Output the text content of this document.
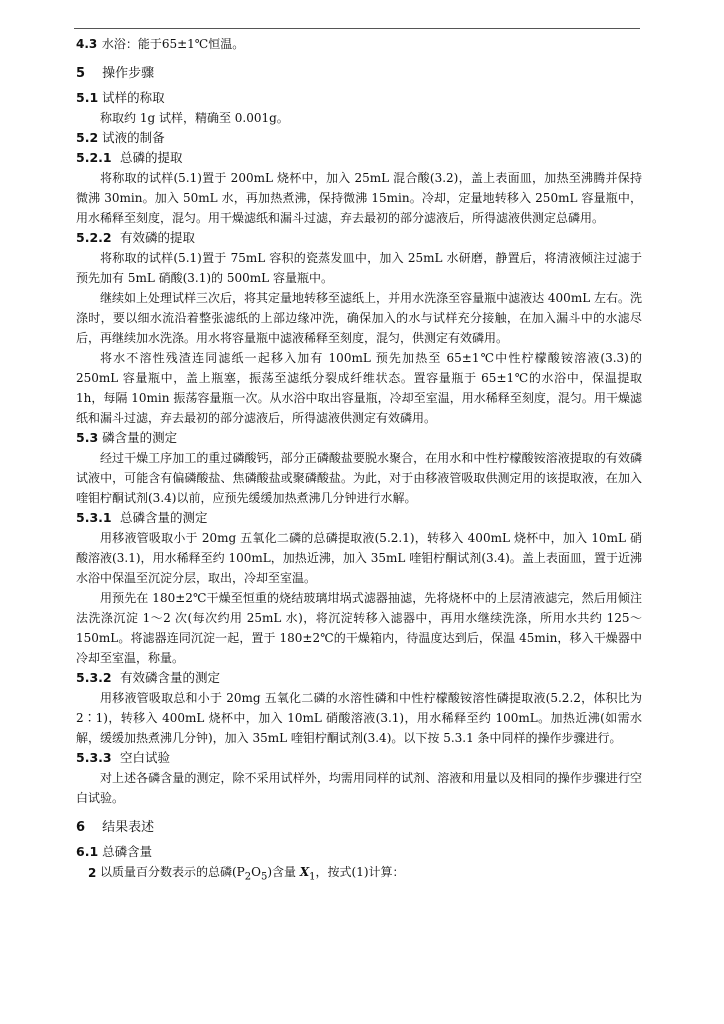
4.3 水浴：能于65±1℃恒温。

5 操作步骤

5.1 试样的称取

称取约 1g 试样，精确至 0.001g。

5.2 试液的制备

5.2.1 总磷的提取

将称取的试样(5.1)置于 200mL 烧杯中，加入 25mL 混合酸(3.2)，盖上表面皿，加热至沸腾并保持微沸 30min。加入 50mL 水，再加热煮沸，保持微沸 15min。冷却，定量地转移入 250mL 容量瓶中，用水稀释至刻度，混匀。用干燥滤纸和漏斗过滤，弃去最初的部分滤液后，所得滤液供测定总磷用。

5.2.2 有效磷的提取

将称取的试样(5.1)置于 75mL 容积的瓷蒸发皿中，加入 25mL 水研磨，静置后，将清液倾注过滤于预先加有 5mL 硝酸(3.1)的 500mL 容量瓶中。

继续如上处理试样三次后，将其定量地转移至滤纸上，并用水洗涤至容量瓶中滤液达 400mL 左右。洗涤时，要以细水流沿着整张滤纸的上部边缘冲洗，确保加入的水与试样充分接触，在加入漏斗中的水滤尽后，再继续加水洗涤。用水将容量瓶中滤液稀释至刻度，混匀，供测定有效磷用。

将水不溶性残渣连同滤纸一起移入加有 100mL 预先加热至 65±1℃中性柠檬酸铵溶液(3.3)的 250mL 容量瓶中，盖上瓶塞，振荡至滤纸分裂成纤维状态。置容量瓶于 65±1℃的水浴中，保温提取 1h，每隔 10min 振荡容量瓶一次。从水浴中取出容量瓶，冷却至室温，用水稀释至刻度，混匀。用干燥滤纸和漏斗过滤，弃去最初的部分滤液后，所得滤液供测定有效磷用。

5.3 磷含量的测定

经过干燥工序加工的重过磷酸钙，部分正磷酸盐要脱水聚合，在用水和中性柠檬酸铵溶液提取的有效磷试液中，可能含有偏磷酸盐、焦磷酸盐或聚磷酸盐。为此，对于由移液管吸取供测定用的该提取液，在加入喹钼柠酮试剂(3.4)以前，应预先缓缓加热煮沸几分钟进行水解。

5.3.1 总磷含量的测定

用移液管吸取小于 20mg 五氧化二磷的总磷提取液(5.2.1)，转移入 400mL 烧杯中，加入 10mL 硝酸溶液(3.1)，用水稀释至约 100mL，加热近沸，加入 35mL 喹钼柠酮试剂(3.4)。盖上表面皿，置于近沸水浴中保温至沉淀分层，取出，冷却至室温。

用预先在 180±2℃干燥至恒重的烧结玻璃坩埚式滤器抽滤，先将烧杯中的上层清液滤完，然后用倾注法洗涤沉淀 1～2 次(每次约用 25mL 水)，将沉淀转移入滤器中，再用水继续洗涤，所用水共约 125～150mL。将滤器连同沉淀一起，置于 180±2℃的干燥箱内，待温度达到后，保温 45min，移入干燥器中冷却至室温，称量。

5.3.2 有效磷含量的测定

用移液管吸取总和小于 20mg 五氧化二磷的水溶性磷和中性柠檬酸铵溶性磷提取液(5.2.2，体积比为 2∶1)，转移入 400mL 烧杯中，加入 10mL 硝酸溶液(3.1)，用水稀释至约 100mL。加热近沸(如需水解，缓缓加热煮沸几分钟)，加入 35mL 喹钼柠酮试剂(3.4)。以下按 5.3.1 条中同样的操作步骤进行。

5.3.3 空白试验

对上述各磷含量的测定，除不采用试样外，均需用同样的试剂、溶液和用量以及相同的操作步骤进行空白试验。

6 结果表述

6.1 总磷含量

以质量百分数表示的总磷$(P_2O_5)$含量 $X_1$，按式(1)计算：

2
